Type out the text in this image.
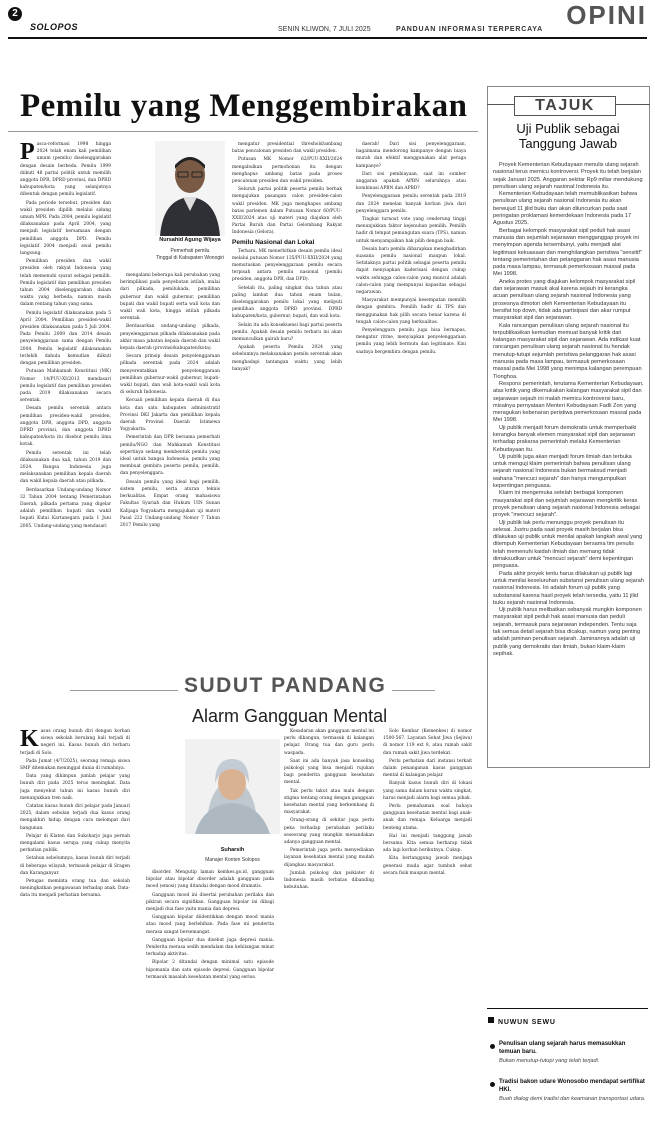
2
SOLOPOS	SENIN KLIWON, 7 JULI 2025	PANDUAN INFORMASI TERPERCAYA OPINI
Pemilu yang Menggembirakan
P asca-reformasi 1998 hingga 2024 telah enam kali pemilihan umum (pemilu) diselenggarakan dengan desain berbeda. Pemilu 1999 diikuti 48 partai politik untuk memilih anggota DPR, DPRD provinsi, dan DPRD kabupaten/kota yang selanjutnya dibentuk dengan pemilu legislatif.

Pada periode tersebut, presiden dan wakil presiden dipilih melalui sidang umum MPR. Pada 2004, pemilu legislatif dilaksanakan pada April 2004, yang menjadi legislatif bersamaan dengan pemilihan anggota DPD. Pemilu legislatif 2004 menjadi awal pemilu langsung.

Pemilihan presiden dan wakil presiden oleh rakyat Indonesia yang telah memenuhi syarat sebagai pemilih. Pemilu legislatif dan pemilihan presiden tahun 2004 diselenggarakan dalam waktu yang berbeda, namun masih dalam rentang tahun yang sama.

Pemilu legislatif dilaksanakan pada 5 April 2004. Pemilihan presiden-wakil presiden dilaksanakan pada 5 Juli 2004. Pada Pemilu 2009 dan 2014 desain penyelenggaraan sama dengan Pemilu 2004. Pemilu legislatif dilaksanakan terlebih dahulu kemudian diikuti dengan pemilihan presiden.

Putusan Mahkamah Konstitusi (MK) Nomor 14/PUU-XI/2013 mendasari pemilu legislatif dan pemilihan presiden pada 2019 dilaksanakan secara serentak.

Desain pemilu serentak antara pemilihan presiden-wakil presiden, anggota DPR, anggota DPD, anggota DPRD provinsi, dan anggota DPRD kabupaten/kota itu disebut pemilu lima kotak.

Pemilu serentak ini telah dilaksanakan dua kali, tahun 2019 dan 2024. Bangsa Indonesia juga melaksanakan pemilihan kepala daerah dan wakil kepala daerah atau pilkada.

Berdasarkan Undang-undang Nomor 32 Tahun 2004 tentang Pemerintahan Daerah, pilkada pertama yang digelar adalah pemilihan bupati dan wakil bupati Kutai Kartanegara pada 1 Juni 2005. Undang-undang yang mendasari

Nursahid Agung Wijaya
Pemerhati pemilu
Tinggal di Kabupaten Wonogiri

mengalami beberapa kali perubahan yang berimplikasi pada penyebutan istilah, mulai dari pilkada, pemilukada, pemilihan gubernur dan wakil gubernur, pemilihan bupati dan wakil bupati serta wali kota dan wakil wali kota, hingga istilah pilkada serentak.

Berdasarkan undang-undang pilkada, penyelenggaraan pilkada dilaksanakan pada akhir masa jabatan kepala daerah dan wakil kepala daerah (provinsi/kabupaten/kota).

Secara prinsip desain penyelenggaraan pilkada serentak pada 2024 adalah menyerentakkan penyelenggaraan pemilihan gubernur-wakil gubernur, bupati-wakil bupati, dan wali kota-wakil wali kota di seluruh Indonesia.

Kecuali pemilihan kepala daerah di dua kota dan satu kabupaten administratif Provinsi DKI Jakarta dan pemilihan kepala daerah Provinsi Daerah Istimewa Yogyakarta.

Pemerintah dan DPR bersama pemerhati pemilu/NGO dan Mahkamah Konstitusi sepertinya sedang membentuk pemilu yang ideal untuk bangsa Indonesia; pemilu yang membuat gembira peserta pemilu, pemilih, dan penyelenggara.

Desain pemilu yang ideal bagi pemilih, sistem pemilu, serta aturan teknis berkualitas. Empat orang mahasiswa Fakultas Syariah dan Hukum UIN Sunan Kalijaga Yogyakarta mengajukan uji materi Pasal 222 Undang-undang Nomor 7 Tahun 2017 Pemilu yang

mengatur presidential threshold/ambang batas pencalonan presiden dan wakil presiden.

Putusan MK Nomor 62/PUU-XXII/2024 mengabulkan permohonan itu dengan menghapus ambang batas pada proses pencalonan presiden dan wakil presiden.

Seluruh partai politik peserta pemilu berhak mengajukan pasangan calon presiden-calon wakil presiden. MK juga menghapus ambang batas parlemen dalam Putusan Nomor 60/PUU-XXII/2024 atas uji materi yang diajukan oleh Partai Buruh dan Partai Gelombang Rakyat Indonesia (Gelora).

Pemilu Nasional dan Lokal

Terbaru, MK menerbitkan desain pemilu ideal melalui putusan Nomor 135/PUU-XXII/2024 yang memutuskan penyelenggaraan pemilu secara terpisah antara pemilu nasional (pemilu presiden, anggota DPR, dan DPD).

Setelah itu, paling singkat dua tahun atau paling lambat dua tahun enam bulan, diselenggarakan pemilu lokal yang meliputi pemilihan anggota DPRD provinsi, DPRD kabupaten/kota, gubernur, bupati, dan wali kota.

Selain itu ada konsekuensi bagi partai peserta pemilu. Apakah desain pemilu terbaru ini akan memunculkan gairah baru?

Apakah peserta Pemilu 2024 yang sebelumnya melaksanakan pemilu serentak akan menghadapi tantangan waktu yang lebih banyak?

daerah! Dari sisi penyelenggaraan, bagaimana mendorong kampanye dengan biaya murah dan efektif menggunakan alat peraga kampanye?

Dari sisi pembiayaan, saat ini sumber anggaran apakah APBN seluruhnya atau kombinasi APBN dan APBD?

Penyelenggaraan pemilu serentak pada 2019 dan 2024 menelan banyak korban jiwa dari penyelenggara pemilu.

Tingkat turnout vote yang cenderung tinggi menunjukkan faktor kejenuhan pemilih. Pemilih hadir di tempat pemungutan suara (TPS), namun untuk menyampaikan hak pilih dengan baik.

Desain baru pemilu diharapkan menghadirkan suasana pemilu nasional maupun lokal. Setidaknya partai politik sebagai peserta pemilu dapat menyiapkan kaderisasi dengan cukup waktu sehingga calon-calon yang muncul adalah calon-calon yang mempunyai kapasitas sebagai negarawan.

Masyarakat mempunyai kesempatan memilih dengan gembira. Pemilih hadir di TPS dan menggunakan hak pilih secara benar karena di tengah calon-calon yang berkualitas.

Penyelenggara pemilu juga bisa bernapas, mengatur ritme, menyiapkan penyelenggaraan pemilu yang lebih bermutu dan legitimate. Kini saatnya bergembira dengan pemilu.

SUDUT PANDANG
Alarm Gangguan Mental
Suharsih
Manajer Konten Solopos
K asus orang bunuh diri dengan korban siswa sekolah berulang kali terjadi di negeri ini. Kasus bunuh diri terbaru terjadi di Solo.

Pada Jumat (4/7/2025), seorang remaja siswa SMP ditemukan meninggal dunia di rumahnya.

Data yang dihimpun jumlah pelajar yang bunuh diri pada 2025 terus meningkat. Data juga menyebut tahun ini kasus bunuh diri menunjukkan tren naik.

Catatan kasus bunuh diri pelajar pada Januari 2025, dalam sebulan terjadi dua kasus orang mengakhiri hidup dengan cara melompat dari bangunan.

Pelajar di Klaten dan Sukoharjo juga pernah mengalami kasus serupa yang cukup menyita perhatian publik.

Setahun sebelumnya, kasus bunuh diri terjadi di beberapa wilayah, termasuk pelajar di Sragen dan Karanganyar.

Petugas meminta orang tua dan sekolah meningkatkan pengawasan terhadap anak. Data-data itu menjadi perhatian bersama.

disorder. Mengutip laman kemkes.go.id, gangguan bipolar atau bipolar disorder adalah gangguan pada mood (emosi) yang ditandai dengan mood dramatis.

Gangguan mood ini disertai perubahan perilaku dan pikiran secara signifikan. Gangguan bipolar ini dibagi menjadi dua fase yaitu mania dan depresi.

Gangguan bipolar diidentikkan dengan mood mania atau mood yang berlebihan. Pada fase ini penderita merasa sangat bersemangat.

Gangguan bipolar dua disebut juga depresi mania. Penderita merasa sedih mendalam dan kehilangan minat terhadap aktivitas.

Bipolar 2 ditandai dengan minimal satu episode hipomania dan satu episode depresi. Gangguan bipolar termasuk masalah kesehatan mental yang serius.

Kesadaran akan gangguan mental ini perlu dibangun, termasuk di kalangan pelajar. Orang tua dan guru perlu waspada.

Saat ini ada banyak jasa konseling psikologi yang bisa menjadi rujukan bagi penderita gangguan kesehatan mental.

Tak perlu takut atau malu dengan stigma tentang orang dengan gangguan kesehatan mental yang berkembang di masyarakat.

Orang-orang di sekitar juga perlu peka terhadap perubahan perilaku seseorang yang mungkin menandakan adanya gangguan mental.

Pemerintah juga perlu menyediakan layanan kesehatan mental yang mudah dijangkau masyarakat.

Jumlah psikolog dan psikiater di Indonesia masih terbatas dibanding kebutuhan.

Solo Kembar (Kemenkes) di nomor 1500-567, Layanan Sehat Jiwa (Sejiwa) di nomor 119 ext 8, atau rumah sakit dan rumah sakit jiwa terdekat.

Perlu perhatian dari instansi terkait dalam penanganan kasus gangguan mental di kalangan pelajar.

Banyak kasus bunuh diri di lokasi yang sama dalam kurun waktu singkat, harus menjadi alarm bagi semua pihak.

Perlu pemahaman soal bahaya gangguan kesehatan mental bagi anak-anak dan remaja. Keluarga menjadi benteng utama.

Hal ini menjadi tanggung jawab bersama. Kita semua berharap tidak ada lagi korban berikutnya. Cukup.

Kita bertanggung jawab menjaga generasi muda agar tumbuh sehat secara fisik maupun mental.

TAJUK
Uji Publik sebagai Tanggung Jawab

Proyek Kementerian Kebudayaan menulis ulang sejarah nasional terus memicu kontroversi. Proyek itu telah berjalan sejak Januari 2025. Anggaran sekitar Rp9 miliar mendukung penulisan ulang sejarah nasional Indonesia itu.

Kementerian Kebudayaan telah memublikasikan bahwa penulisan ulang sejarah nasional Indonesia itu akan berwujud 11 jilid buku dan akan diluncurkan pada saat peringatan proklamasi kemerdekaan Indonesia pada 17 Agustus 2025.

Berbagai kelompok masyarakat sipil peduli hak asasi manusia dan sejumlah sejarawan mengganggap proyek ini menyimpan agenda tersembunyi, yaitu menjadi alat legitimasi kekuasaan dan menghilangkan peristiwa "sensitif" tentang pemerintahan dan pelanggaran hak asasi manusia pada masa lampau, termasuk pemerkosaan massal pada Mei 1998.

Aneka protes yang diajukan kelompok masyarakat sipil dan sejarawan masuk akal karena sejauh ini kerangka acuan penulisan ulang sejarah nasional Indonesia yang prosesnya dimotori oleh Kementerian Kebudayaan itu bersifat top down, tidak ada partisipasi dan akar rumput masyarakat sipil dan sejarawan.

Kala rancangan penulisan ulang sejarah nasional itu terpublikasikan kemudian memuat banyak kritik dari kalangan masyarakat sipil dan sejarawan. Ada indikasi kuat rancangan penulisan ulang sejarah nasional itu hendak menutup-tutupi sejumlah peristiwa pelanggaran hak asasi manusia pada masa lampau, termasuk pemerkosaan massal pada Mei 1998 yang menimpa kalangan perempuan Tionghoa.

Respons pemerintah, terutama Kementerian Kebudayaan, atas kritik yang dikemukakan kalangan masyarakat sipil dan sejarawan sejauh ini malah memicu kontroversi baru, misalnya pernyataan Menteri Kebudayaan Fadli Zon yang meragukan kebenaran peristiwa pemerkosaan massal pada Mei 1998.

Uji publik menjadi forum demokratis untuk memperbaiki kerangka banyak elemen masyarakat sipil dan sejarawan terhadap prakarsa pemerintah melalui Kementerian Kebudayaan itu.

Uji publik juga akan menjadi forum ilmiah dan terbuka untuk menguji klaim pemerintah bahwa penulisan ulang sejarah nasional Indonesia bukan bermaksud menjadi wahana "mencuci sejarah" dan hanya mengumpulkan kepentingan penguasa.

Klaim ini mengemuka setelah berbagai komponen masyarakat sipil dan sejumlah sejarawan mengkritik keras proyek penulisan ulang sejarah nasional Indonesia sebagai proyek "mencuci sejarah".

Uji publik tak perlu menunggu proyek penulisan itu selesai. Justru pada saat proyek masih berjalan bisa dilakukan uji publik untuk menilai apakah langkah awal yang ditempuh Kementerian Kebudayaan bersama tim penulis telah memenuhi kaidah ilmiah dan memang tidak dimaksudkan untuk "mencuci sejarah" demi kepentingan penguasa.

Pada akhir proyek tentu harus dilakukan uji publik lagi untuk menilai keseluruhan substansi penulisan ulang sejarah nasional Indonesia. Ini adalah forum uji publik yang substansial karena hasil proyek telah tersedia, yaitu 11 jilid buku sejarah nasional Indonesia.

Uji publik harus melibatkan sebanyak mungkin komponen masyarakat sipil peduli hak asasi manusia dan peduli sejarah, termasuk para sejarawan independen. Tentu saja tak semua detail sejarah bisa dicakup, namun yang penting adalah jaminan penulisan sejarah. Jaminannya adalah uji publik yang demokratis dan ilmiah, bukan klaim-klaim sepihak.

NUWUN SEWU
Penulisan ulang sejarah harus memasukkan temuan baru.
Bukan menutup-tutupi yang telah terjadi.
Tradisi bakon udare Wonosobo mendapat sertifikat HKI.
Buah dialog demi tradisi dan keamanan transportasi udara.
